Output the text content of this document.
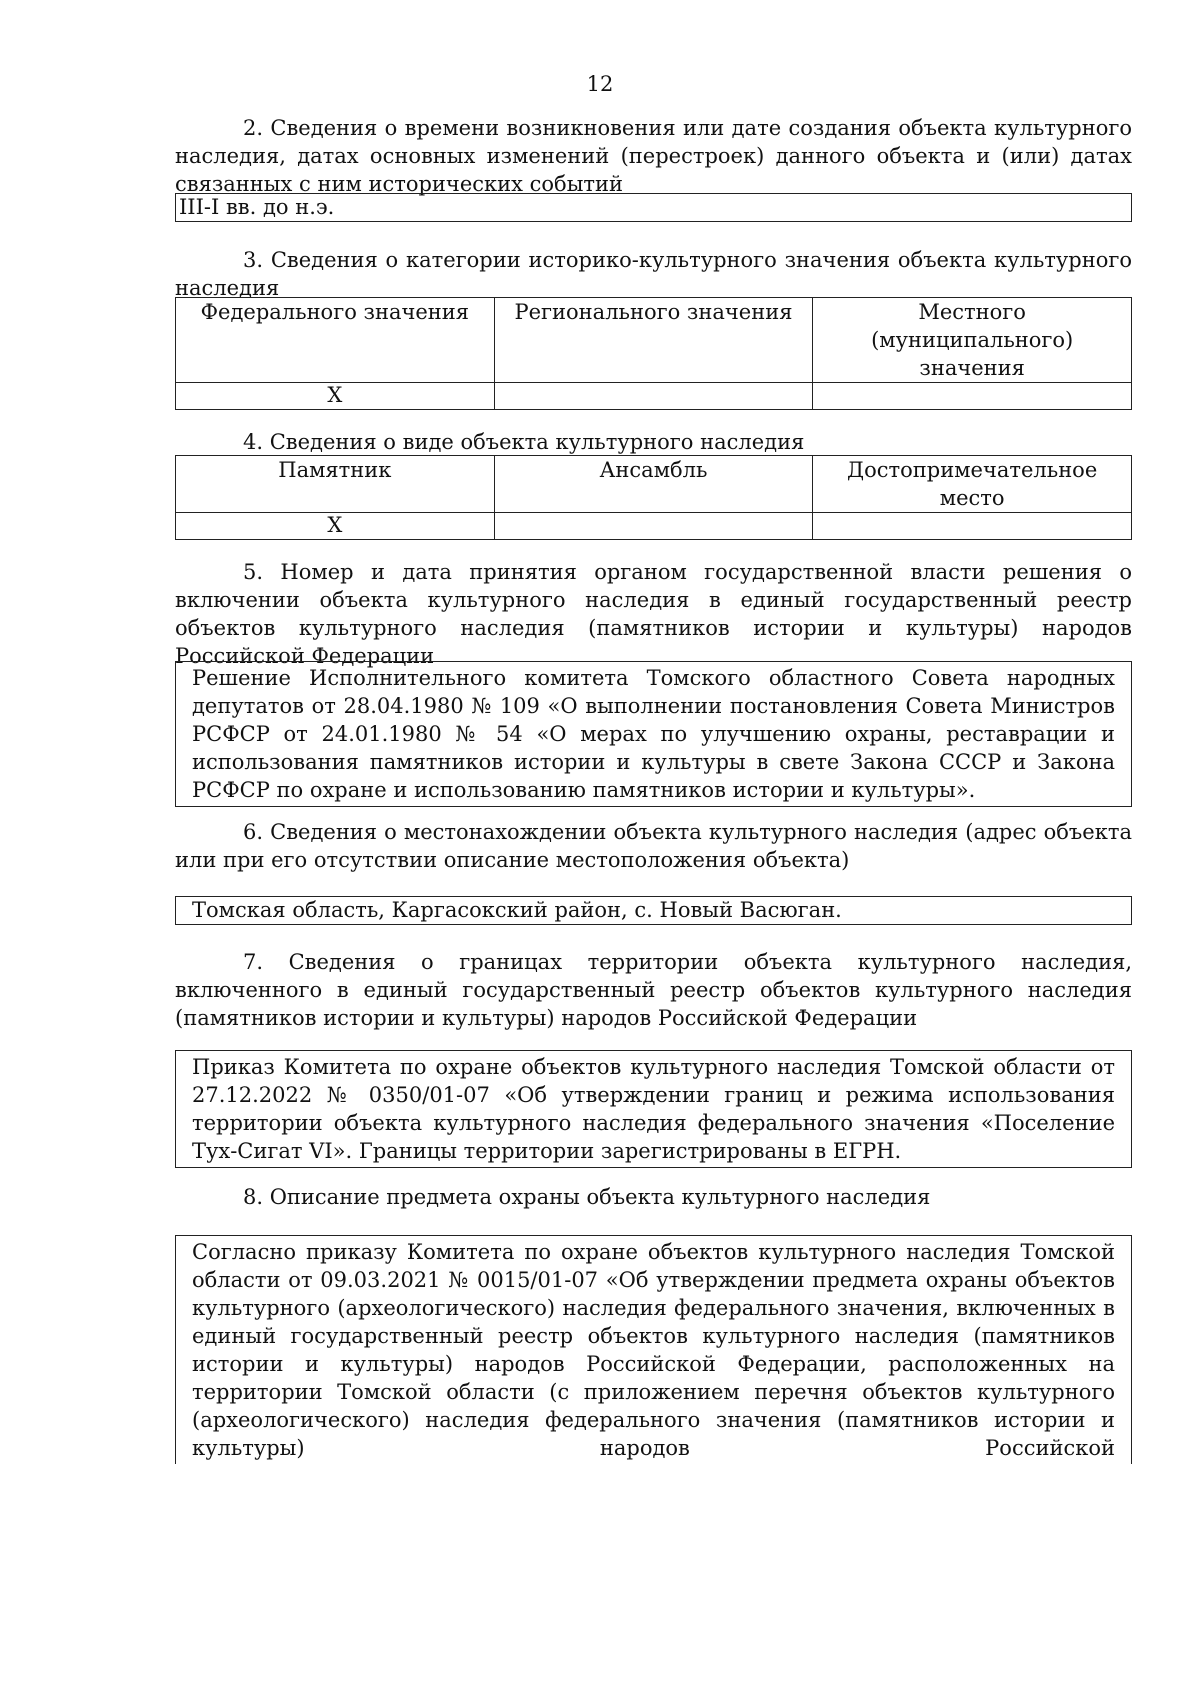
12
2. Сведения о времени возникновения или дате создания объекта культурного наследия, датах основных изменений (перестроек) данного объекта и (или) датах связанных с ним исторических событий
III-I вв. до н.э.
3. Сведения о категории историко-культурного значения объекта культурного наследия
Федерального значения	Регионального значения	Местного (муниципального) значения
X		
4. Сведения о виде объекта культурного наследия
Памятник	Ансамбль	Достопримечательное место
X		
5. Номер и дата принятия органом государственной власти решения о включении объекта культурного наследия в единый государственный реестр объектов культурного наследия (памятников истории и культуры) народов Российской Федерации
Решение Исполнительного комитета Томского областного Совета народных депутатов от 28.04.1980 № 109 «О выполнении постановления Совета Министров РСФСР от 24.01.1980 № 54 «О мерах по улучшению охраны, реставрации и использования памятников истории и культуры в свете Закона СССР и Закона РСФСР по охране и использованию памятников истории и культуры».
6. Сведения о местонахождении объекта культурного наследия (адрес объекта или при его отсутствии описание местоположения объекта)
Томская область, Каргасокский район, с. Новый Васюган.
7. Сведения о границах территории объекта культурного наследия, включенного в единый государственный реестр объектов культурного наследия (памятников истории и культуры) народов Российской Федерации
Приказ Комитета по охране объектов культурного наследия Томской области от 27.12.2022 № 0350/01-07 «Об утверждении границ и режима использования территории объекта культурного наследия федерального значения «Поселение Тух-Сигат VI». Границы территории зарегистрированы в ЕГРН.
8. Описание предмета охраны объекта культурного наследия
Согласно приказу Комитета по охране объектов культурного наследия Томской области от 09.03.2021 № 0015/01-07 «Об утверждении предмета охраны объектов культурного (археологического) наследия федерального значения, включенных в единый государственный реестр объектов культурного наследия (памятников истории и культуры) народов Российской Федерации, расположенных на территории Томской области (с приложением перечня объектов культурного (археологического) наследия федерального значения (памятников истории и культуры) народов Российской
